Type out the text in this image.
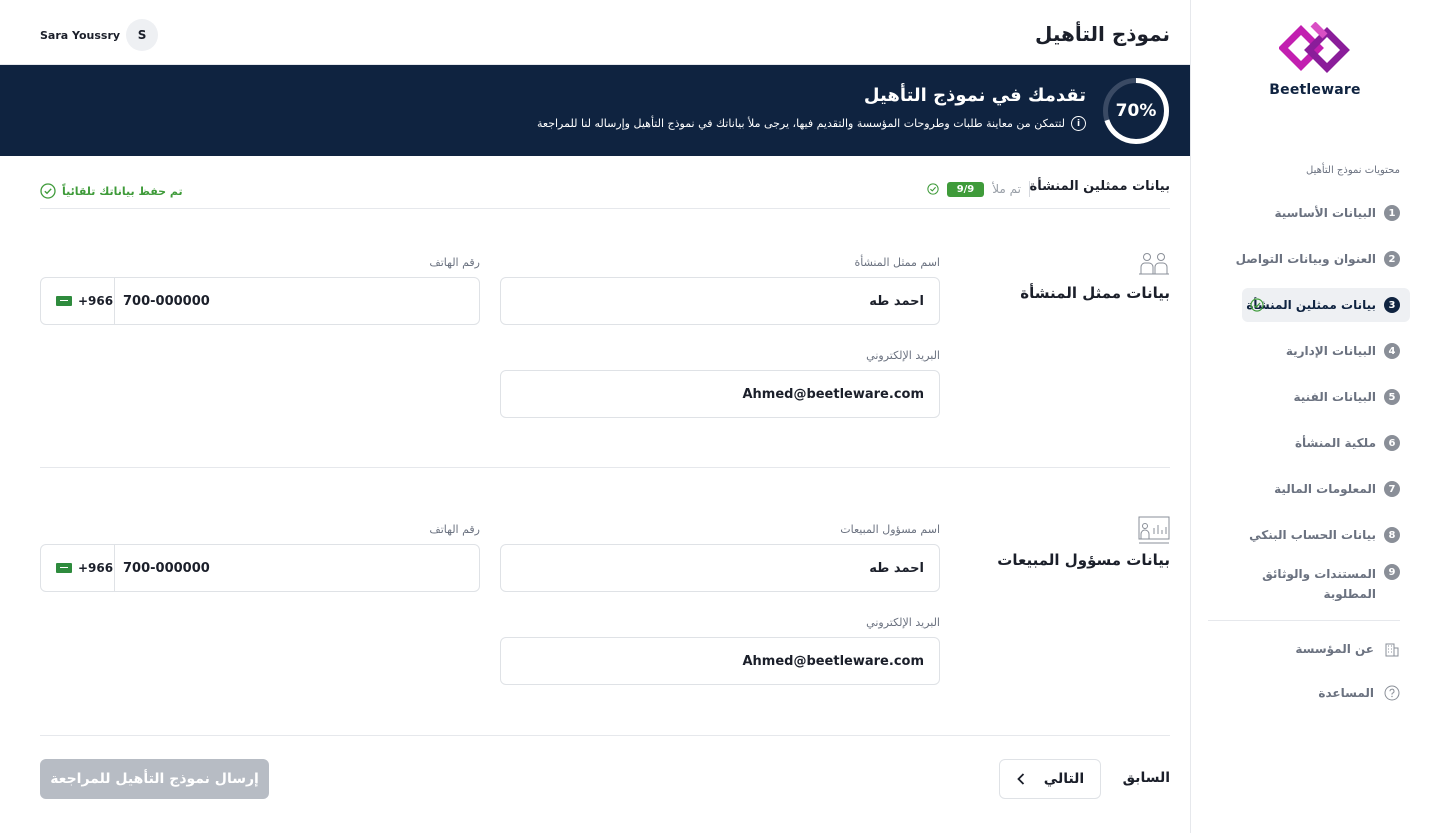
Beetleware
محتويات نموذج التأهيل
1
البيانات الأساسية
2
العنوان وبيانات التواصل
3
بيانات ممثلين المنشأة
4
البيانات الإدارية
5
البيانات الفنية
6
ملكية المنشأة
7
المعلومات المالية
8
بيانات الحساب البنكي
9
المستندات والوثائق المطلوبة
عن المؤسسة
المساعدة
نموذج التأهيل
S
Sara Youssry
70%
تقدمك في نموذج التأهيل
i
لتتمكن من معاينة طلبات وطروحات المؤسسة والتقديم فيها، يرجى ملأ بياناتك في نموذج التأهيل وإرساله لنا للمراجعة
بيانات ممثلين المنشأة
تم ملأ
9/9
تم حفظ بياناتك تلقائياً
بيانات ممثل المنشأة
اسم ممثل المنشأة
احمد طه
رقم الهاتف
+966 700-000000
البريد الإلكتروني
Ahmed@beetleware.com
بيانات مسؤول المبيعات
اسم مسؤول المبيعات
احمد طه
رقم الهاتف
+966 700-000000
البريد الإلكتروني
Ahmed@beetleware.com
السابق
التالي
إرسال نموذج التأهيل للمراجعة
